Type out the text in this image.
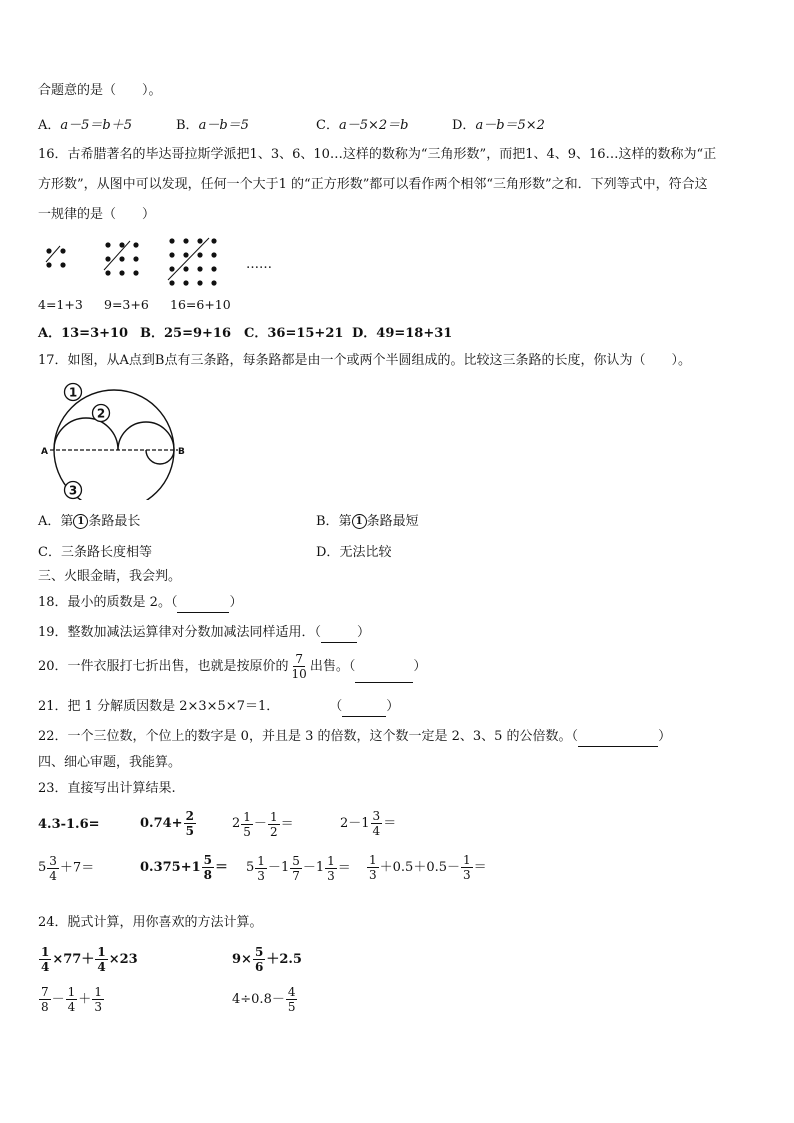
合题意的是（　　）。
A．a－5＝b＋5	B．a－b＝5	C．a－5×2＝b	D．a－b＝5×2
16．古希腊著名的毕达哥拉斯学派把1、3、6、10…这样的数称为“三角形数”，而把1、4、9、16…这样的数称为“正
方形数”，从图中可以发现，任何一个大于1 的“正方形数”都可以看作两个相邻“三角形数”之和．下列等式中，符合这
一规律的是（　　）
……
4=1+3 9=3+6 16=6+10
A．13=3+10 B．25=9+16 C．36=15+21 D．49=18+31
17．如图，从A点到B点有三条路，每条路都是由一个或两个半圆组成的。比较这三条路的长度，你认为（　　）。
1
2
3
A	B
A．第 1 条路最长	B．第 1 条路最短
C．三条路长度相等	D．无法比较
三、火眼金睛，我会判。
18．最小的质数是 2。（	）
19．整数加减法运算律对分数加减法同样适用．（	）
20．一件衣服打七折出售，也就是按原价的 $\frac{7}{10}$ 出售。（	）
21．把 1 分解质因数是 2×3×5×7＝1．	（	）
22．一个三位数，个位上的数字是 0，并且是 3 的倍数，这个数一定是 2、3、5 的公倍数。（	）
四、细心审题，我能算。
23．直接写出计算结果.
4.3-1.6=	$0.74+ \frac{2}{5}$	$2 \frac{1}{5} - \frac{1}{2}$ ＝	$2-1 \frac{3}{4}$ ＝
$5 \frac{3}{4} +7=$	$0.375+1 \frac{5}{8} = 5 \frac{1}{3} -1 \frac{5}{7} -1 \frac{1}{3} = \frac{1}{3} +0.5+0.5- \frac{1}{3}$ ＝
24．脱式计算，用你喜欢的方法计算。
$\frac{1}{4} \times 77+ \frac{1}{4} \times 23$	$9\times \frac{5}{6} +2.5$
$\frac{7}{8} - \frac{1}{4} + \frac{1}{3}$	$4\div 0.8- \frac{4}{5}$
